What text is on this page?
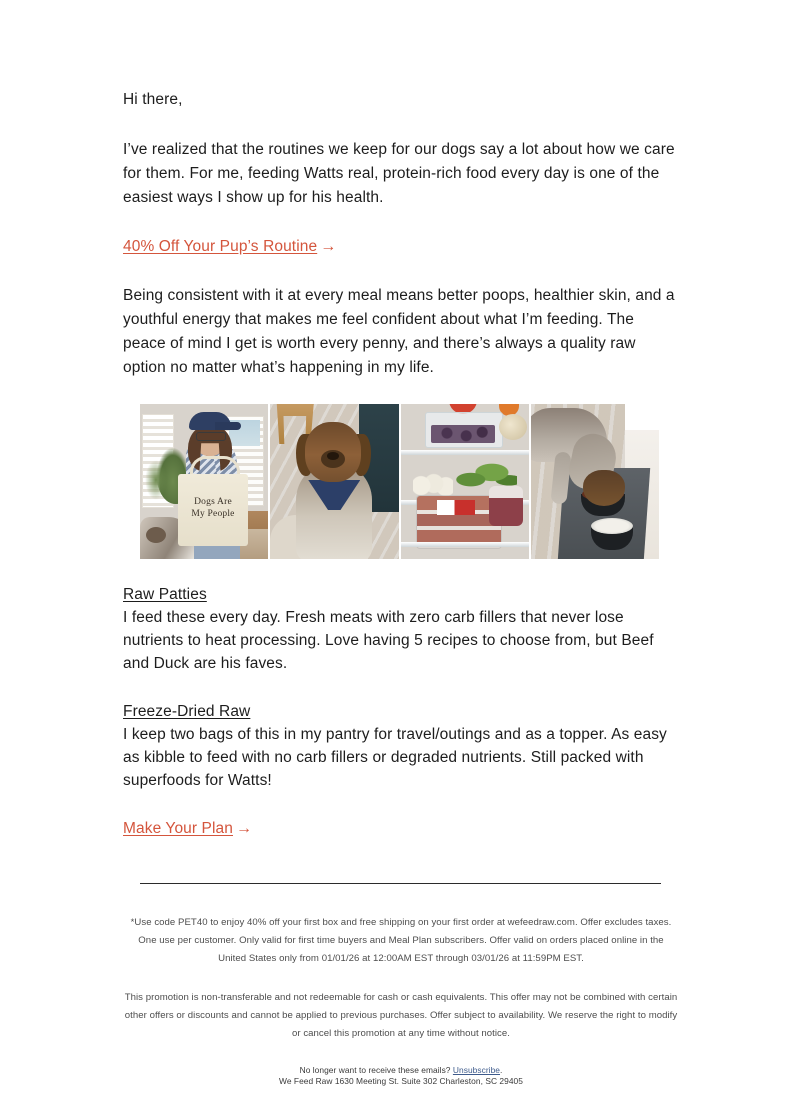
Hi there,

I’ve realized that the routines we keep for our dogs say a lot about how we care for them. For me, feeding Watts real, protein-rich food every day is one of the easiest ways I show up for his health.

40% Off Your Pup’s Routine →

Being consistent with it at every meal means better poops, healthier skin, and a youthful energy that makes me feel confident about what I’m feeding. The peace of mind I get is worth every penny, and there’s always a quality raw option no matter what’s happening in my life.

Dogs Are
My People
Raw Patties

I feed these every day. Fresh meats with zero carb fillers that never lose nutrients to heat processing. Love having 5 recipes to choose from, but Beef and Duck are his faves.

Freeze-Dried Raw

I keep two bags of this in my pantry for travel/outings and as a topper. As easy as kibble to feed with no carb fillers or degraded nutrients. Still packed with superfoods for Watts!

Make Your Plan →

*Use code PET40 to enjoy 40% off your first box and free shipping on your first order at wefeedraw.com. Offer excludes taxes. One use per customer. Only valid for first time buyers and Meal Plan subscribers. Offer valid on orders placed online in the United States only from 01/01/26 at 12:00AM EST through 03/01/26 at 11:59PM EST.

This promotion is non-transferable and not redeemable for cash or cash equivalents. This offer may not be combined with certain other offers or discounts and cannot be applied to previous purchases. Offer subject to availability. We reserve the right to modify or cancel this promotion at any time without notice.

No longer want to receive these emails? Unsubscribe.
We Feed Raw 1630 Meeting St. Suite 302 Charleston, SC 29405
